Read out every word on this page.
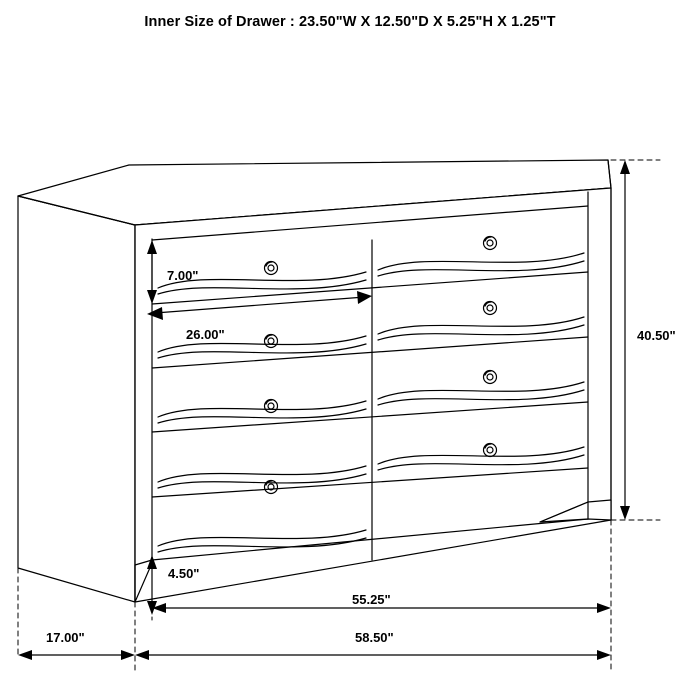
Inner Size of Drawer : 23.50"W X 12.50"D X 5.25"H X 1.25"T
7.00"
26.00"	40.50"
4.50"
55.25"
58.50"
17.00"
